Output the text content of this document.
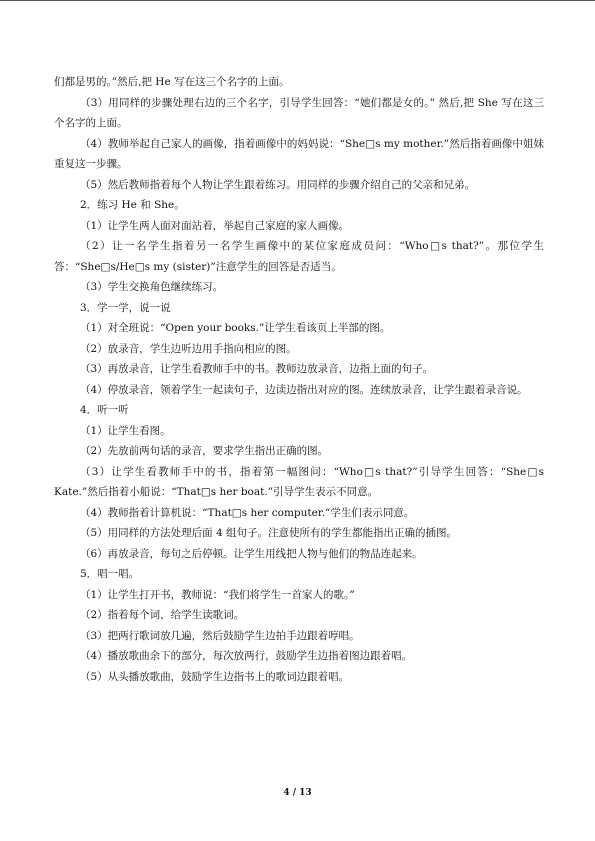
们都是男的。”然后,把 He 写在这三个名字的上面。

（3）用同样的步骤处理右边的三个名字，引导学生回答：“她们都是女的。” 然后,把 She 写在这三个名字的上面。

（4）教师举起自己家人的画像，指着画像中的妈妈说：“She□s my mother.”然后指着画像中姐妹重复这一步骤。

（5）然后教师指着每个人物让学生跟着练习。用同样的步骤介绍自己的父亲和兄弟。

2．练习 He 和 She。

（1）让学生两人面对面站着，举起自己家庭的家人画像。

（2）让一名学生指着另一名学生画像中的某位家庭成员问：“Who□s that?”。那位学生答：“She□s/He□s my (sister)”注意学生的回答是否适当。

（3）学生交换角色继续练习。

3．学一学，说一说

（1）对全班说：“Open your books.”让学生看该页上半部的图。

（2）放录音，学生边听边用手指向相应的图。

（3）再放录音，让学生看教师手中的书。教师边放录音，边指上面的句子。

（4）停放录音，领着学生一起读句子，边读边指出对应的图。连续放录音，让学生跟着录音说。

4．听一听

（1）让学生看图。

（2）先放前两句话的录音，要求学生指出正确的图。

（3）让学生看教师手中的书，指着第一幅图问：“Who□s that?”引导学生回答：“She□s Kate.”然后指着小船说：“That□s her boat.”引导学生表示不同意。

（4）教师指着计算机说：“That□s her computer.”学生们表示同意。

（5）用同样的方法处理后面 4 组句子。注意使所有的学生都能指出正确的插图。

（6）再放录音，每句之后停顿。让学生用线把人物与他们的物品连起来。

5．唱一唱。

（1）让学生打开书，教师说：“我们将学生一首家人的歌。”

（2）指着每个词，给学生读歌词。

（3）把两行歌词放几遍，然后鼓励学生边拍手边跟着哼唱。

（4）播放歌曲余下的部分，每次放两行，鼓励学生边指着图边跟着唱。

（5）从头播放歌曲，鼓励学生边指书上的歌词边跟着唱。

4 / 13
